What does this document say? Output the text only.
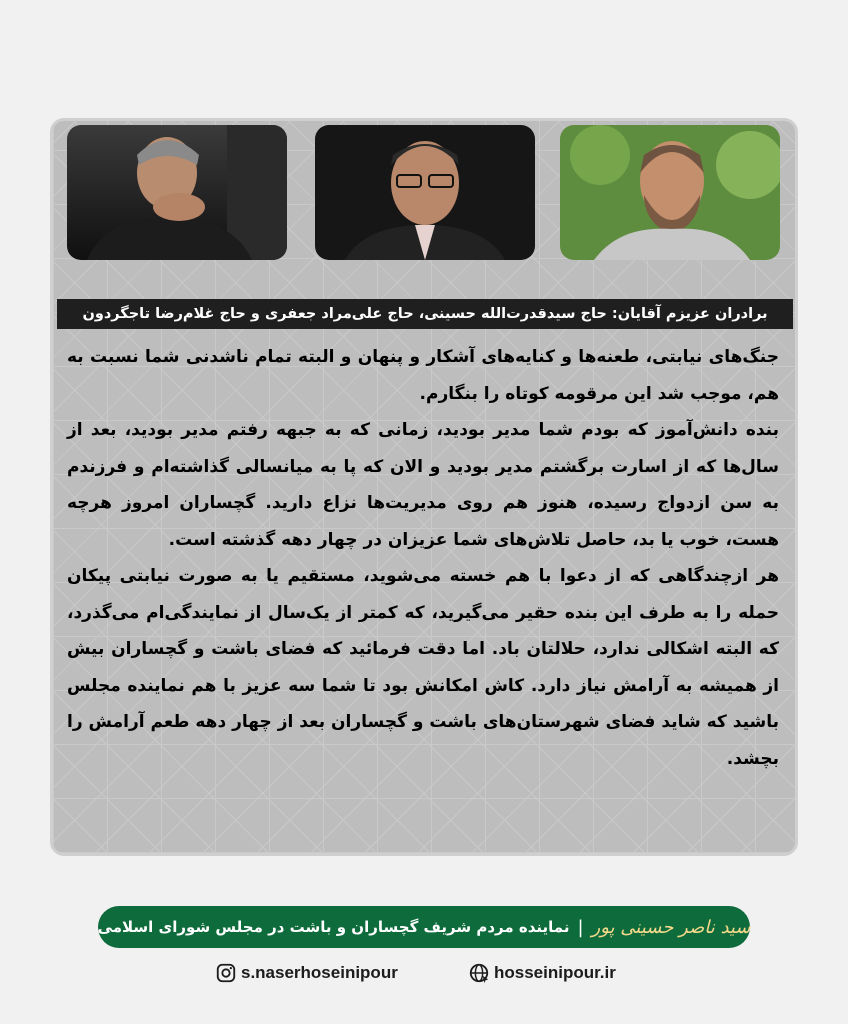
برادران عزیزم آقایان: حاج سیدقدرت‌الله حسینی، حاج علی‌مراد جعفری و حاج غلام‌رضا تاجگردون

جنگ‌های نیابتی، طعنه‌ها و کنایه‌های آشکار و پنهان و البته تمام ناشدنی شما نسبت به هم، موجب شد این مرقومه کوتاه را بنگارم.

بنده دانش‌آموز که بودم شما مدیر بودید، زمانی که به جبهه رفتم مدیر بودید، بعد از سال‌ها که از اسارت برگشتم مدیر بودید و الان که پا به میانسالی گذاشته‌ام و فرزندم به سن ازدواج رسیده، هنوز هم روی مدیریت‌ها نزاع دارید. گچساران امروز هرچه هست، خوب یا بد، حاصل تلاش‌های شما عزیزان در چهار دهه گذشته است.

هر ازچندگاهی که از دعوا با هم خسته می‌شوید، مستقیم یا به صورت نیابتی پیکان حمله را به طرف این بنده حقیر می‌گیرید، که کمتر از یک‌سال از نمایندگی‌ام می‌گذرد، که البته اشکالی ندارد، حلالتان باد. اما دقت فرمائید که فضای باشت و گچساران بیش از همیشه به آرامش نیاز دارد. کاش امکانش بود تا شما سه عزیز با هم نماینده مجلس باشید که شاید فضای شهرستان‌های باشت و گچساران بعد از چهار دهه طعم آرامش را بچشد.

سید ناصر حسینی پور
|
نماینده مردم شریف گچساران و باشت در مجلس شورای اسلامی
s.naserhoseinipour	hosseinipour.ir
